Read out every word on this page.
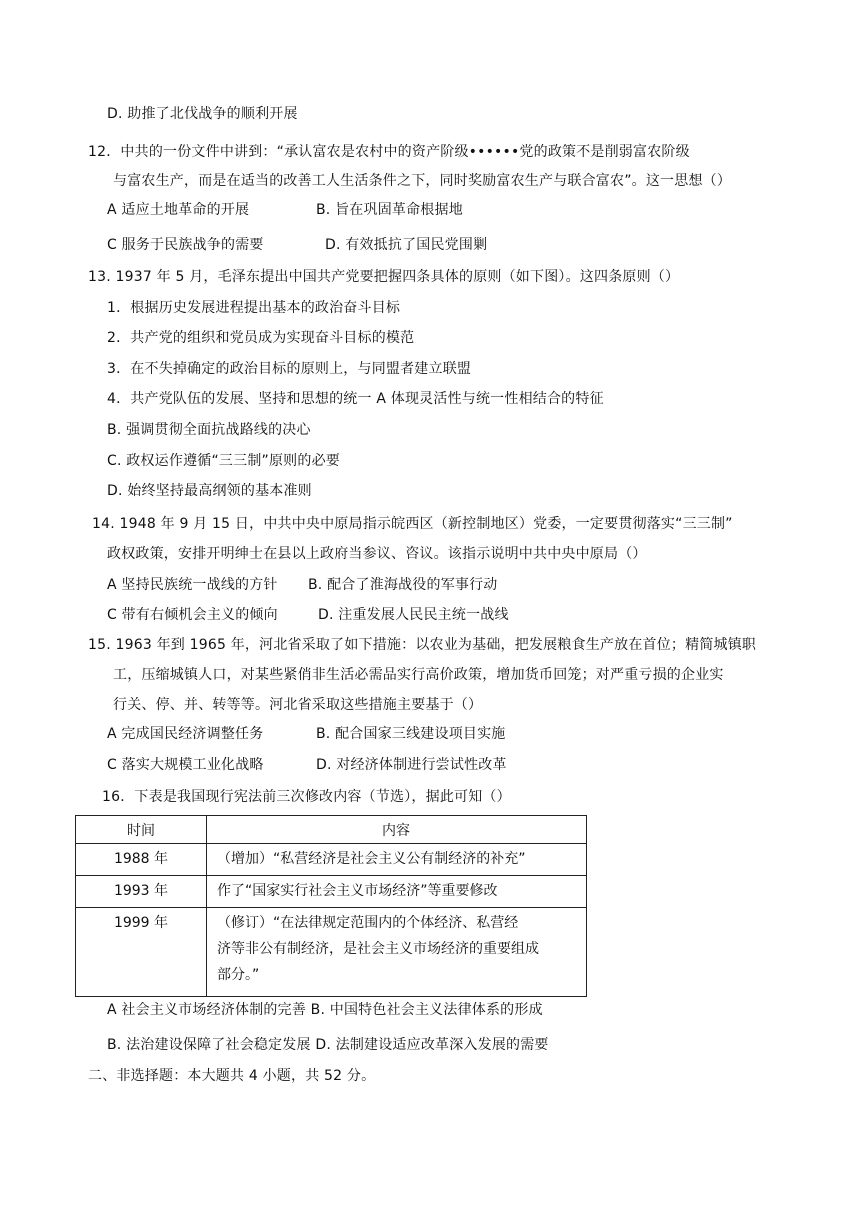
D. 助推了北伐战争的顺利开展
12．中共的一份文件中讲到：“承认富农是农村中的资产阶级••••••党的政策不是削弱富农阶级
与富农生产，而是在适当的改善工人生活条件之下，同时奖励富农生产与联合富农”。这一思想（）
A 适应土地革命的开展	B. 旨在巩固革命根据地
C 服务于民族战争的需要	D. 有效抵抗了国民党围剿
13. 1937 年 5 月，毛泽东提出中国共产党要把握四条具体的原则（如下图）。这四条原则（）
1．根据历史发展进程提出基本的政治奋斗目标
2．共产党的组织和党员成为实现奋斗目标的模范
3．在不失掉确定的政治目标的原则上，与同盟者建立联盟
4．共产党队伍的发展、坚持和思想的统一 A 体现灵活性与统一性相结合的特征
B. 强调贯彻全面抗战路线的决心
C. 政权运作遵循“三三制”原则的必要
D. 始终坚持最高纲领的基本准则
14. 1948 年 9 月 15 日，中共中央中原局指示皖西区（新控制地区）党委，一定要贯彻落实“三三制”
政权政策，安排开明绅士在县以上政府当参议、咨议。该指示说明中共中央中原局（）
A 坚持民族统一战线的方针 B. 配合了淮海战役的军事行动
C 带有右倾机会主义的倾向	D. 注重发展人民民主统一战线
15. 1963 年到 1965 年，河北省采取了如下措施：以农业为基础，把发展粮食生产放在首位；精简城镇职
工，压缩城镇人口，对某些紧俏非生活必需品实行高价政策，增加货币回笼；对严重亏损的企业实
行关、停、并、转等等。河北省采取这些措施主要基于（）
A 完成国民经济调整任务	B. 配合国家三线建设项目实施
C 落实大规模工业化战略	D. 对经济体制进行尝试性改革
16．下表是我国现行宪法前三次修改内容（节选），据此可知（）
时间	内容

1988 年	（增加）“私营经济是社会主义公有制经济的补充”

1993 年	作了“国家实行社会主义市场经济”等重要修改

1999 年	（修订）“在法律规定范围内的个体经济、私营经
济等非公有制经济，是社会主义市场经济的重要组成
部分。”
A 社会主义市场经济体制的完善 B. 中国特色社会主义法律体系的形成
B. 法治建设保障了社会稳定发展 D. 法制建设适应改革深入发展的需要
二、非选择题：本大题共 4 小题，共 52 分。
